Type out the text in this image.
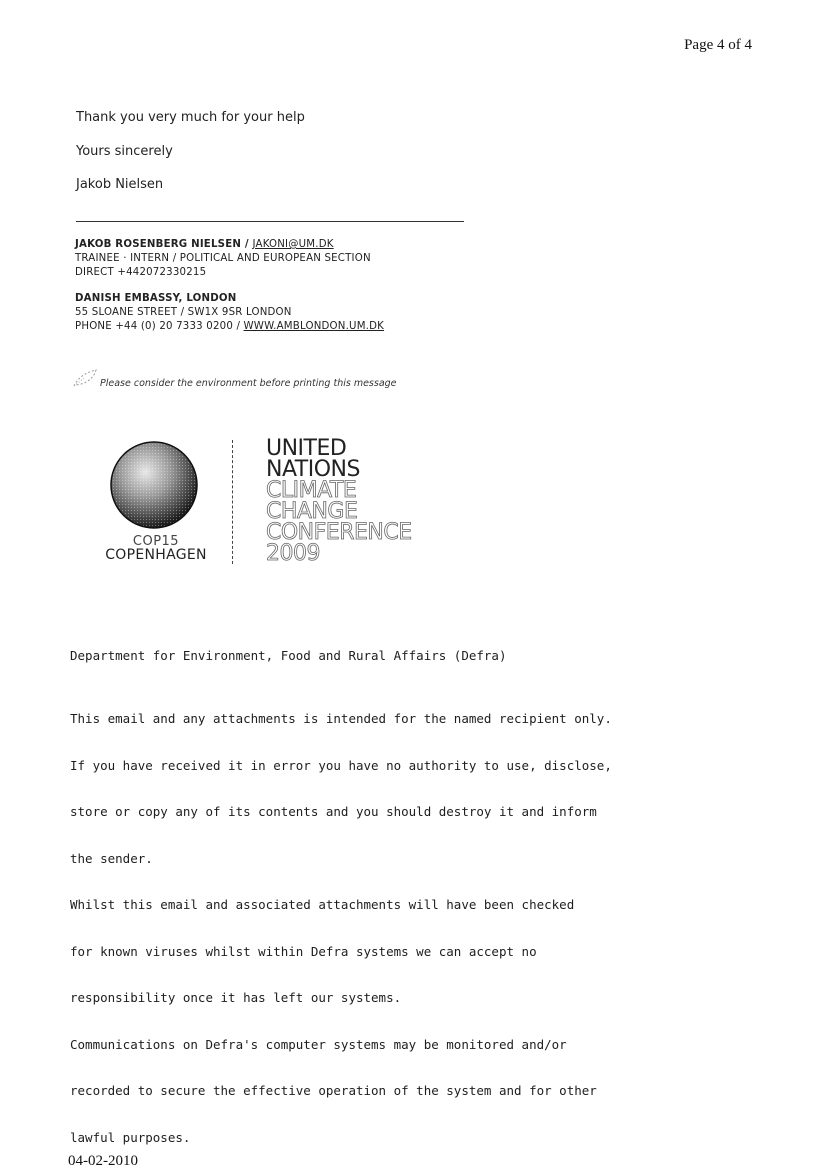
Page 4 of 4
Thank you very much for your help
Yours sincerely
Jakob Nielsen
JAKOB ROSENBERG NIELSEN / JAKONI@UM.DK
TRAINEE · INTERN / POLITICAL AND EUROPEAN SECTION
DIRECT +442072330215
DANISH EMBASSY, LONDON
55 SLOANE STREET / SW1X 9SR LONDON
PHONE +44 (0) 20 7333 0200 / WWW.AMBLONDON.UM.DK
Please consider the environment before printing this message
COP15
COPENHAGEN
UNITED
NATIONS
CLIMATE
CHANGE
CONFERENCE
2009
Department for Environment, Food and Rural Affairs (Defra)

This email and any attachments is intended for the named recipient only.

If you have received it in error you have no authority to use, disclose,

store or copy any of its contents and you should destroy it and inform

the sender.

Whilst this email and associated attachments will have been checked

for known viruses whilst within Defra systems we can accept no

responsibility once it has left our systems.

Communications on Defra's computer systems may be monitored and/or

recorded to secure the effective operation of the system and for other

lawful purposes.

04-02-2010
